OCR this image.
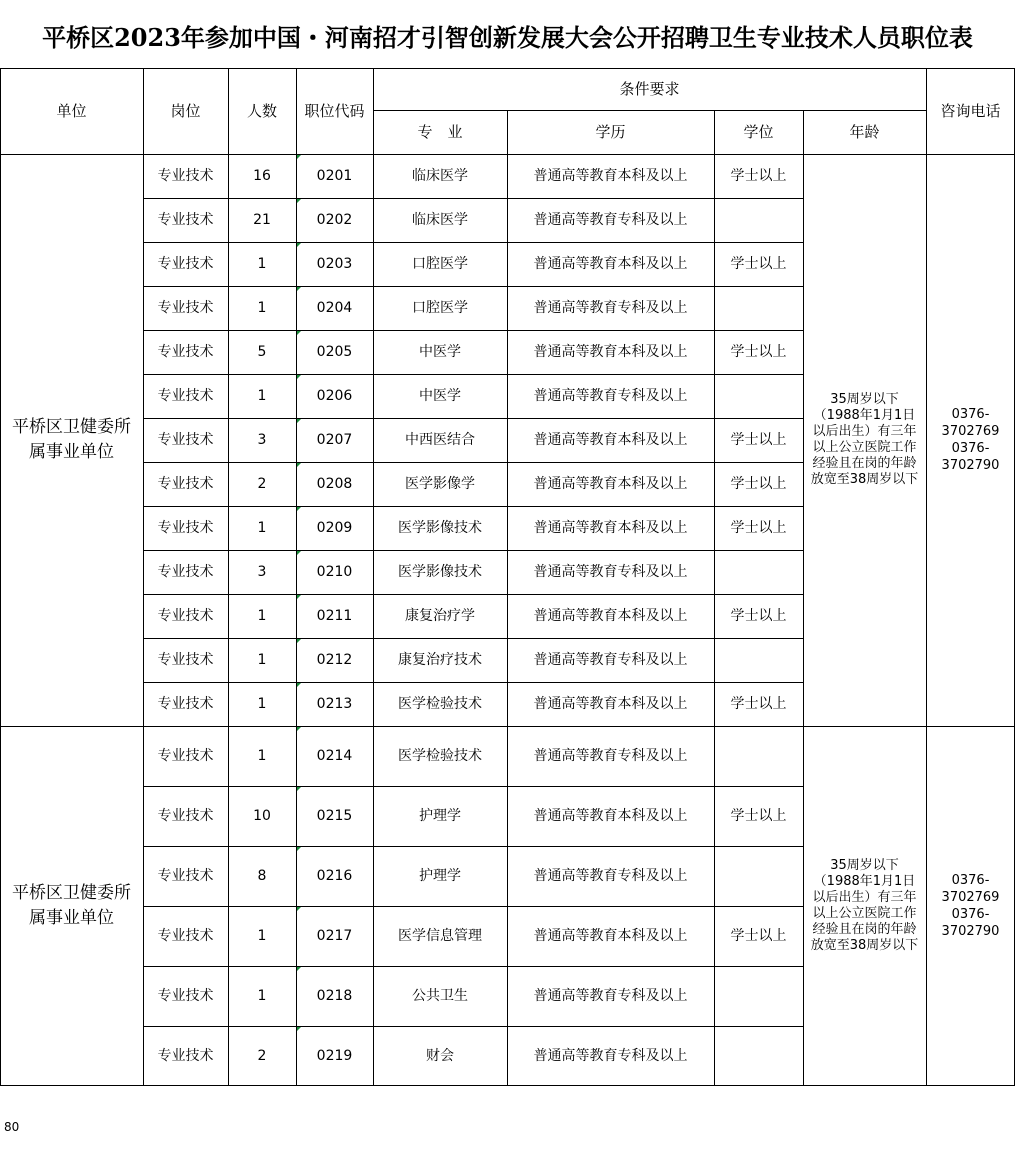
平桥区2023年参加中国・河南招才引智创新发展大会公开招聘卫生专业技术人员职位表
单位	岗位	人数	职位代码
条件要求
专　业	学历	学位	年龄
咨询电话
专业技术	16	0201	临床医学	普通高等教育本科及以上	学士以上
专业技术	21	0202	临床医学	普通高等教育专科及以上
专业技术	1	0203	口腔医学	普通高等教育本科及以上	学士以上
专业技术	1	0204	口腔医学	普通高等教育专科及以上
专业技术	5	0205	中医学	普通高等教育本科及以上	学士以上
专业技术	1	0206	中医学	普通高等教育专科及以上
专业技术	3	0207	中西医结合	普通高等教育本科及以上	学士以上
专业技术	2	0208	医学影像学	普通高等教育本科及以上	学士以上
专业技术	1	0209	医学影像技术	普通高等教育本科及以上	学士以上
专业技术	3	0210	医学影像技术	普通高等教育专科及以上
专业技术	1	0211	康复治疗学	普通高等教育本科及以上	学士以上
专业技术	1	0212	康复治疗技术	普通高等教育专科及以上
专业技术	1	0213	医学检验技术	普通高等教育本科及以上	学士以上
专业技术	1	0214	医学检验技术	普通高等教育专科及以上
专业技术	10	0215	护理学	普通高等教育本科及以上	学士以上
专业技术	8	0216	护理学	普通高等教育专科及以上
专业技术	1	0217	医学信息管理	普通高等教育本科及以上	学士以上
专业技术	1	0218	公共卫生	普通高等教育专科及以上
专业技术	2	0219	财会	普通高等教育专科及以上
平桥区卫健委所属事业单位
35周岁以下（1988年1月1日以后出生）有三年以上公立医院工作经验且在岗的年龄放宽至38周岁以下
0376-3702769 0376-3702790
平桥区卫健委所属事业单位
35周岁以下（1988年1月1日以后出生）有三年以上公立医院工作经验且在岗的年龄放宽至38周岁以下
0376-3702769 0376-3702790
80
